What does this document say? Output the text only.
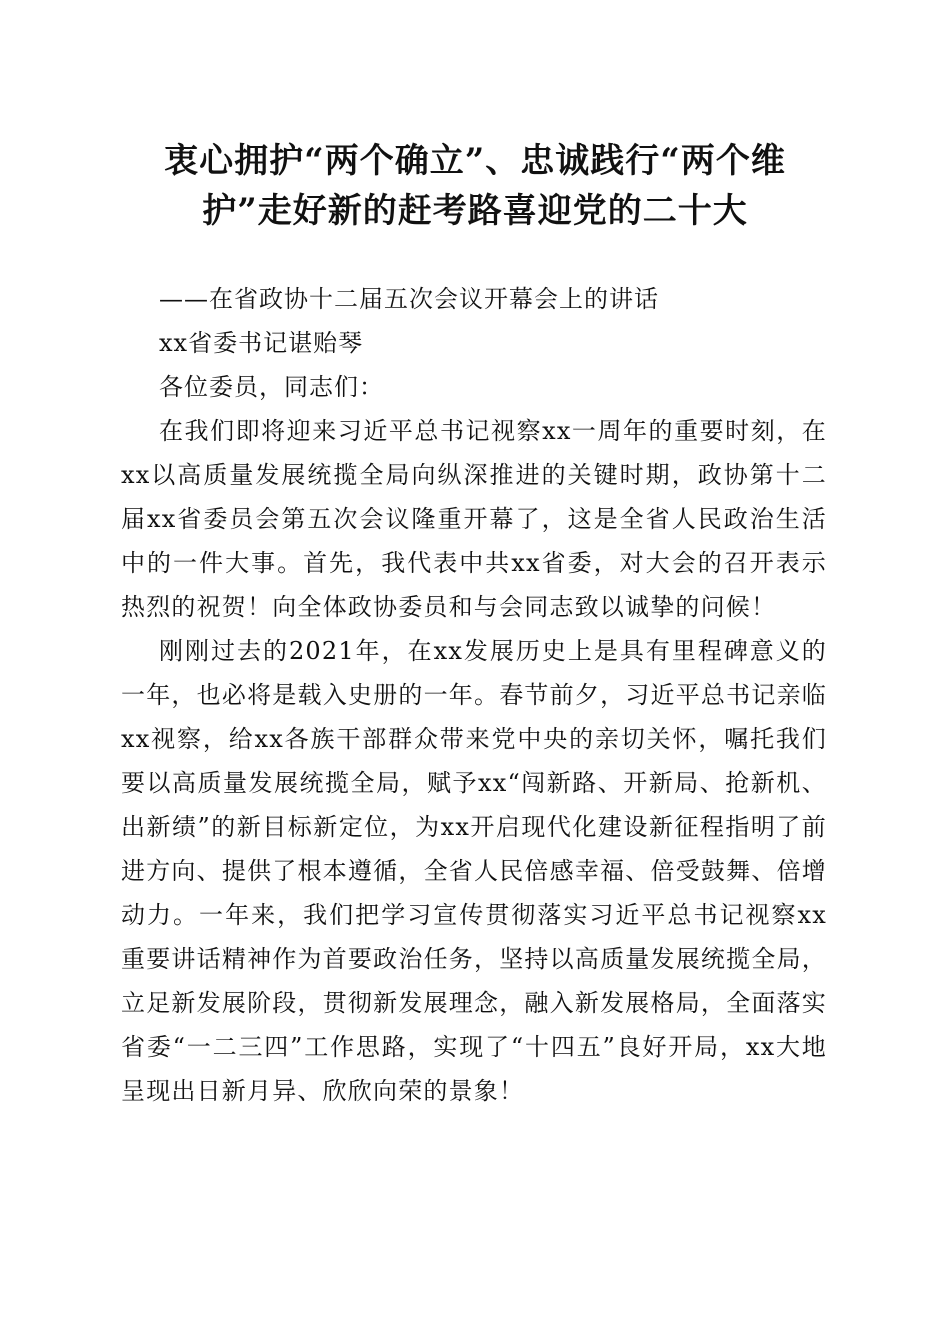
衷心拥护“两个确立”、忠诚践行“两个维护”走好新的赶考路喜迎党的二十大

——在省政协十二届五次会议开幕会上的讲话

xx省委书记谌贻琴

各位委员，同志们：

在我们即将迎来习近平总书记视察xx一周年的重要时刻，在xx以高质量发展统揽全局向纵深推进的关键时期，政协第十二届xx省委员会第五次会议隆重开幕了，这是全省人民政治生活中的一件大事。首先，我代表中共xx省委，对大会的召开表示热烈的祝贺！向全体政协委员和与会同志致以诚挚的问候！

刚刚过去的2021年，在xx发展历史上是具有里程碑意义的一年，也必将是载入史册的一年。春节前夕，习近平总书记亲临xx视察，给xx各族干部群众带来党中央的亲切关怀，嘱托我们要以高质量发展统揽全局，赋予xx“闯新路、开新局、抢新机、出新绩”的新目标新定位，为xx开启现代化建设新征程指明了前进方向、提供了根本遵循，全省人民倍感幸福、倍受鼓舞、倍增动力。一年来，我们把学习宣传贯彻落实习近平总书记视察xx重要讲话精神作为首要政治任务，坚持以高质量发展统揽全局，立足新发展阶段，贯彻新发展理念，融入新发展格局，全面落实省委“一二三四”工作思路，实现了“十四五”良好开局，xx大地呈现出日新月异、欣欣向荣的景象！
